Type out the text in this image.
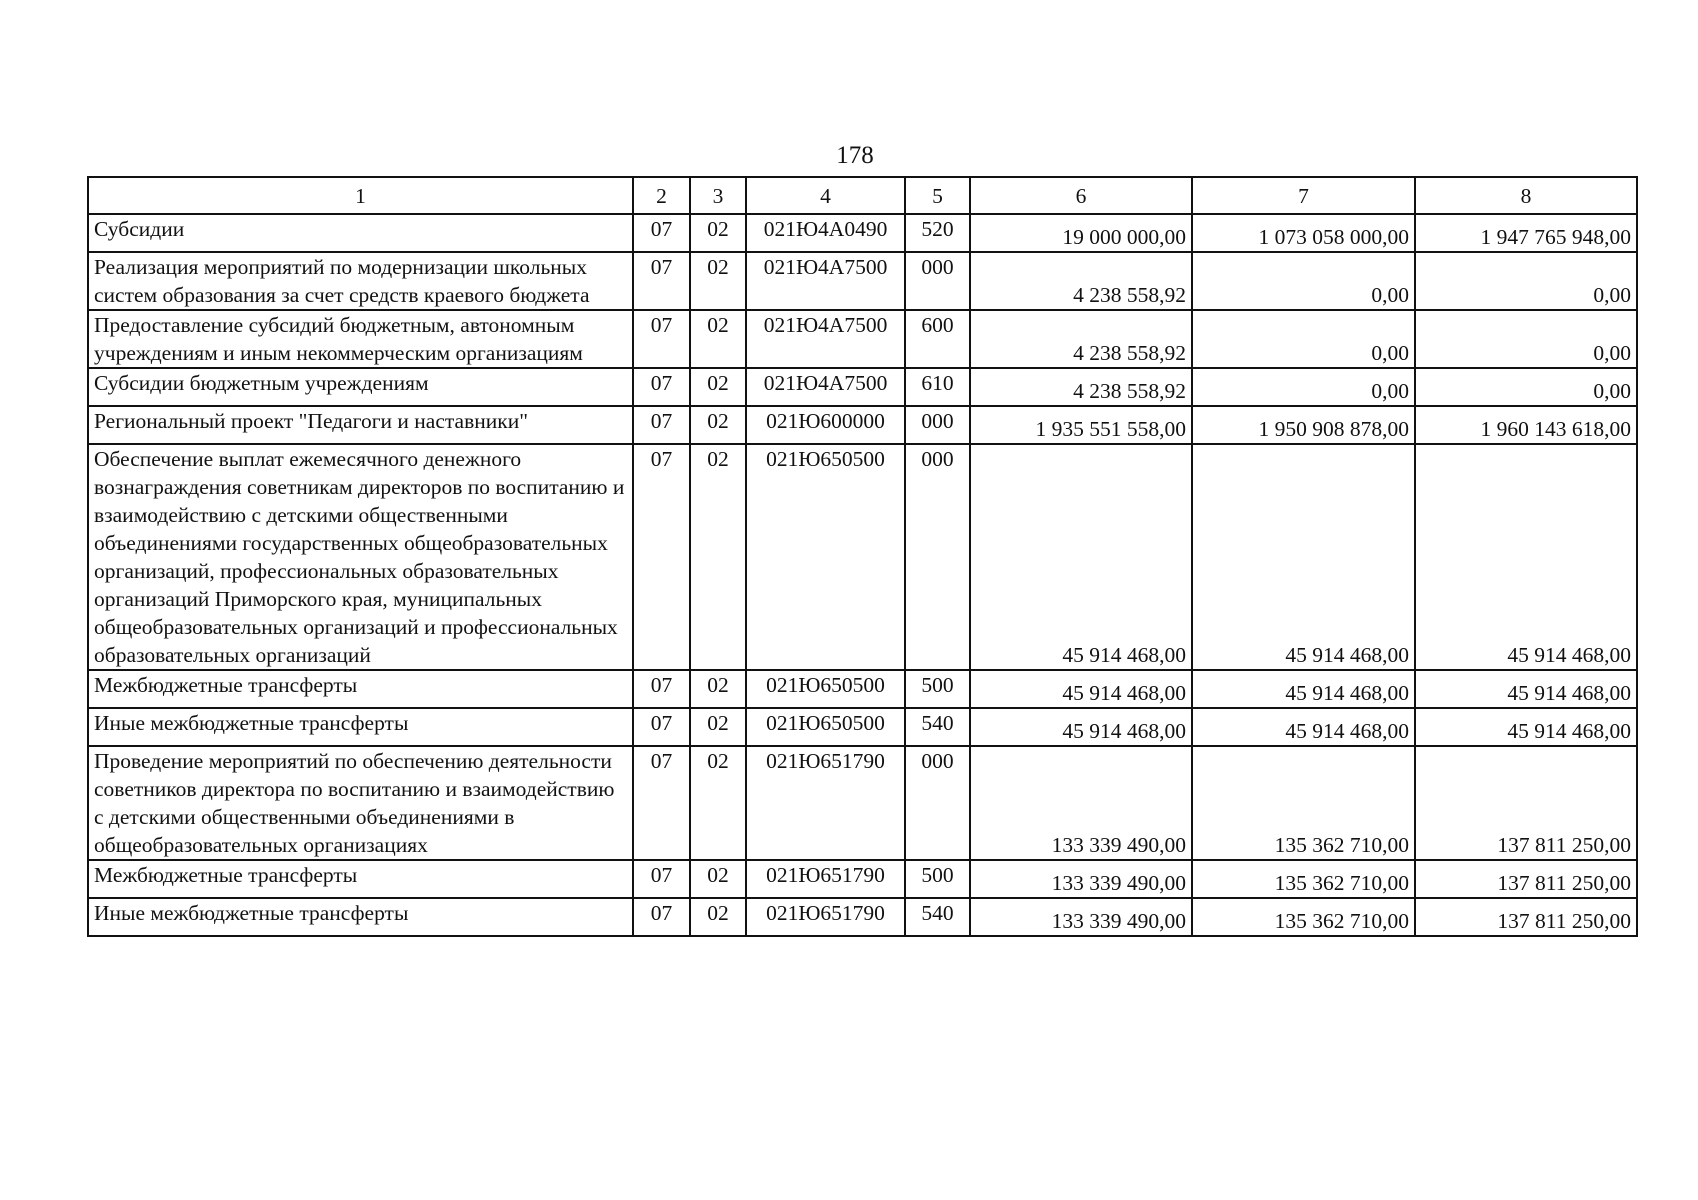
178
1	2	3	4	5	6	7	8
Субсидии	07	02	021Ю4А0490	520	19 000 000,00	1 073 058 000,00	1 947 765 948,00
Реализация мероприятий по модернизации школьных систем образования за счет средств краевого бюджета	07	02	021Ю4А7500	000	4 238 558,92	0,00	0,00
Предоставление субсидий бюджетным, автономным учреждениям и иным некоммерческим организациям	07	02	021Ю4А7500	600	4 238 558,92	0,00	0,00
Субсидии бюджетным учреждениям	07	02	021Ю4А7500	610	4 238 558,92	0,00	0,00
Региональный проект "Педагоги и наставники"	07	02	021Ю600000	000	1 935 551 558,00	1 950 908 878,00	1 960 143 618,00
Обеспечение выплат ежемесячного денежного вознаграждения советникам директоров по воспитанию и взаимодействию с детскими общественными объединениями государственных общеобразовательных организаций, профессиональных образовательных организаций Приморского края, муниципальных общеобразовательных организаций и профессиональных образовательных организаций	07	02	021Ю650500	000	45 914 468,00	45 914 468,00	45 914 468,00
Межбюджетные трансферты	07	02	021Ю650500	500	45 914 468,00	45 914 468,00	45 914 468,00
Иные межбюджетные трансферты	07	02	021Ю650500	540	45 914 468,00	45 914 468,00	45 914 468,00
Проведение мероприятий по обеспечению деятельности советников директора по воспитанию и взаимодействию с детскими общественными объединениями в общеобразовательных организациях	07	02	021Ю651790	000	133 339 490,00	135 362 710,00	137 811 250,00
Межбюджетные трансферты	07	02	021Ю651790	500	133 339 490,00	135 362 710,00	137 811 250,00
Иные межбюджетные трансферты	07	02	021Ю651790	540	133 339 490,00	135 362 710,00	137 811 250,00
